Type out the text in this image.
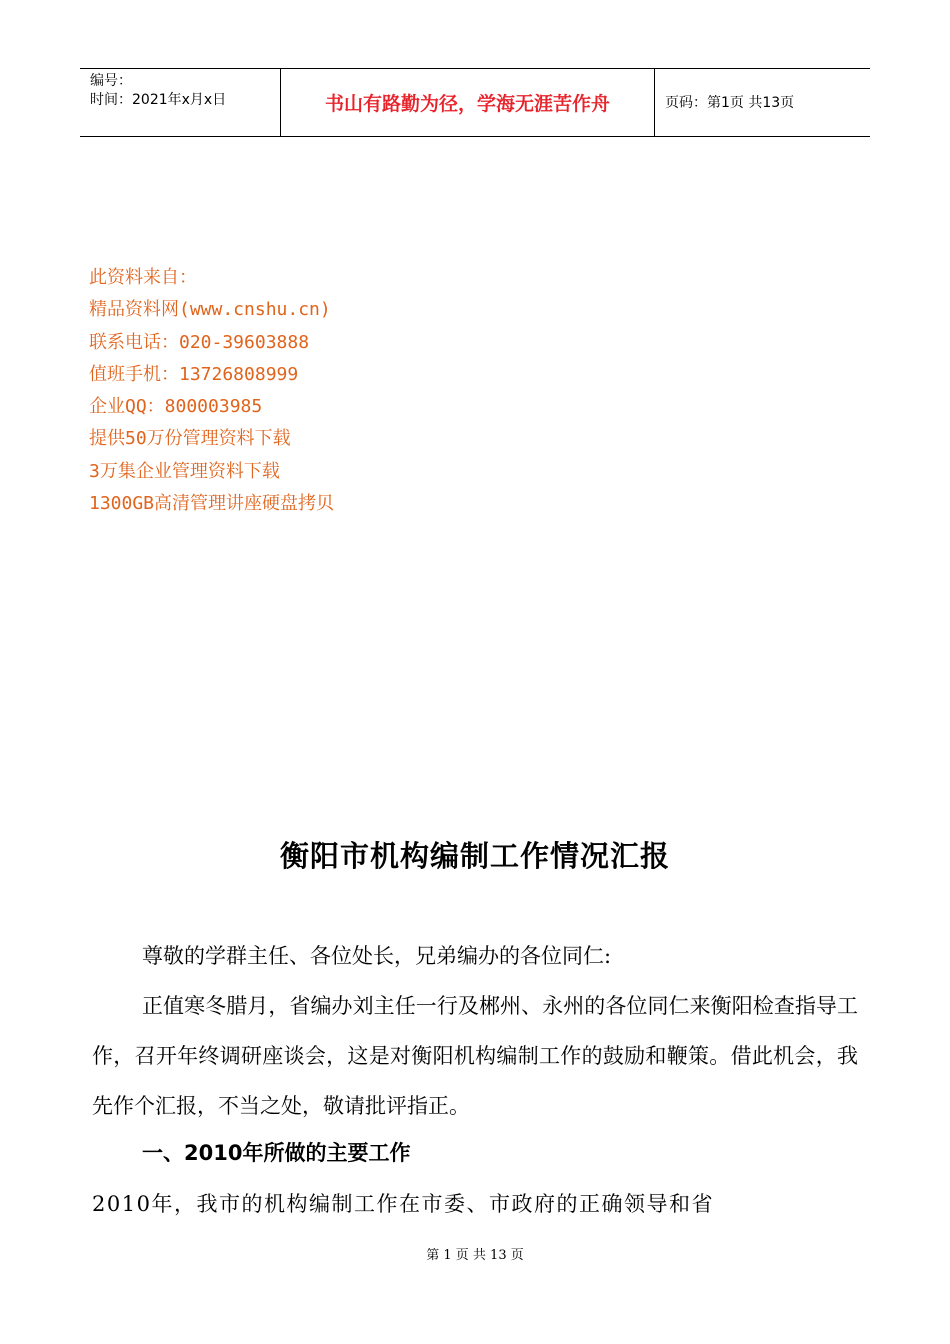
编号：
时间：2021年x月x日	书山有路勤为径，学海无涯苦作舟	页码：第1页 共13页
此资料来自：
精品资料网(www.cnshu.cn)
联系电话：020-39603888
值班手机：13726808999
企业QQ：800003985
提供50万份管理资料下载
3万集企业管理资料下载
1300GB高清管理讲座硬盘拷贝
衡阳市机构编制工作情况汇报
尊敬的学群主任、各位处长，兄弟编办的各位同仁:
正值寒冬腊月，省编办刘主任一行及郴州、永州的各位同仁来衡阳检查指导工作，召开年终调研座谈会，这是对衡阳机构编制工作的鼓励和鞭策。借此机会，我先作个汇报，不当之处，敬请批评指正。
一、2010年所做的主要工作
2010年，我市的机构编制工作在市委、市政府的正确领导和省
第 1 页 共 13 页
